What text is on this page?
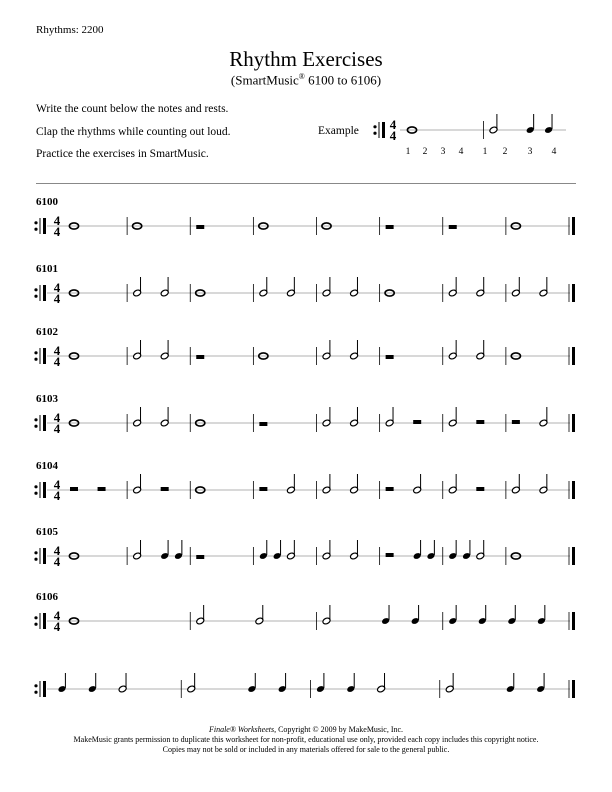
Rhythms: 2200
Rhythm Exercises
(SmartMusic® 6100 to 6106)
Write the count below the notes and rests.
Clap the rhythms while counting out loud.
Practice the exercises in SmartMusic.
Example 4
4
1 2 3 4 1 2 3 4
6100
6101
6102
6103
6104
6105
6106
4
4
4
4
4
4
4
4
4
4
4
4
4
4
Finale® Worksheets, Copyright © 2009 by MakeMusic, Inc.
MakeMusic grants permission to duplicate this worksheet for non-profit, educational use only, provided each copy includes this copyright notice.
Copies may not be sold or included in any materials offered for sale to the general public.
